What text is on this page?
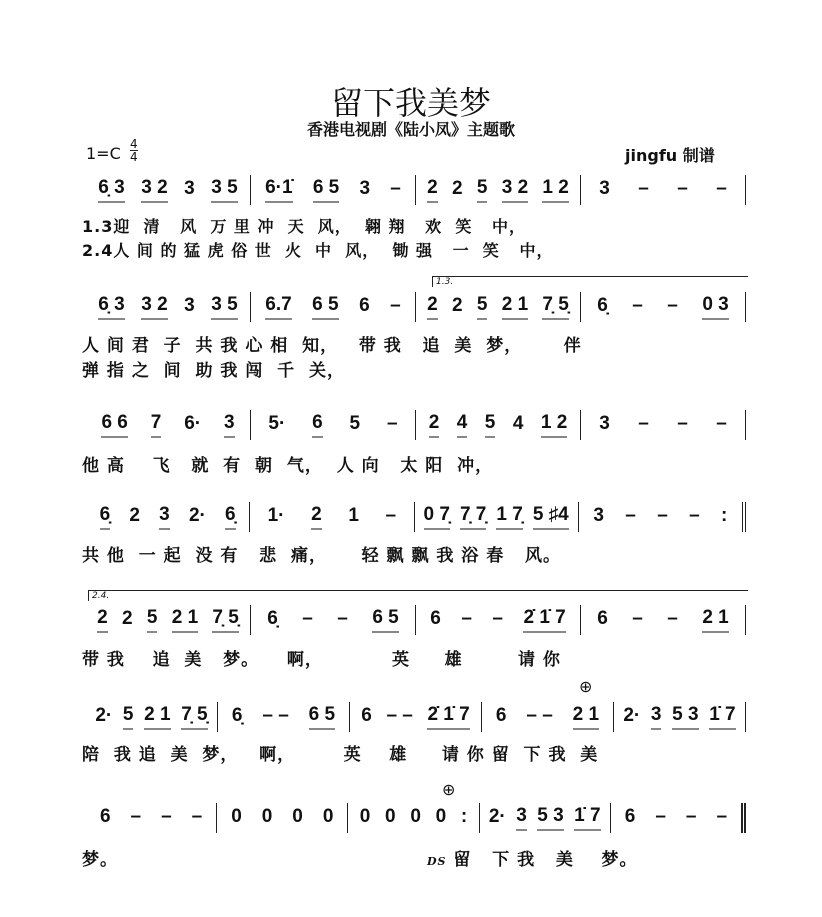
留下我美梦
香港电视剧《陆小凤》主题歌
1=C 4
4	jingfu 制谱
1.3.
2.4.
⊕
⊕
6̣ 3 3 2 3 3 5 6·1̇ 6 5 3 – 2 2 5 3 2 1 2 3 – – –
6̣ 3 3 2 3 3 5 6.7 6 5 6 – 2 2 5 2 1 7̣ 5̣ 6̣ – – 0 3
6 6 7 6· 3 5· 6 5 – 2 4 5 4 1 2 3 – – –
6̣ 2 3 2· 6̣ 1· 2 1 – 0 7̣ 7̣ 7̣ 1 7̣ 5 ♯4 3 – – – :
2 2 5 2 1 7̣ 5̣ 6̣ – – 6 5 6 – – 2̇ 1̇ 7 6 – – 2 1
2· 5 2 1 7̣ 5̣ 6̣ – – 6 5 6 – – 2̇ 1̇ 7 6 – – 2 1 2· 3 5 3 1̇ 7
6 – – – 0 0 0 0 0 0 0 0 : 2· 3 5 3 1̇ 7 6 – – –
1.3迎  清   风  万 里 冲  天  风，  翱 翔   欢  笑   中，
2.4人 间 的 猛 虎 俗 世  火  中  风，  锄 强   一  笑   中，
人 间 君  子  共 我 心 相  知，   带 我   追  美  梦，      伴
弹 指 之  间  助 我 闯  千  关，
他 高    飞   就  有  朝  气，  人 向   太 阳  冲，
共 他  一 起  没 有   悲  痛，     轻 飘 飘 我 浴 春   风。
带 我    追  美   梦。    啊，          英     雄        请 你
陪  我 追  美  梦，   啊，       英    雄     请 你 留  下 我  美
梦。	DS 留   下 我   美    梦。
